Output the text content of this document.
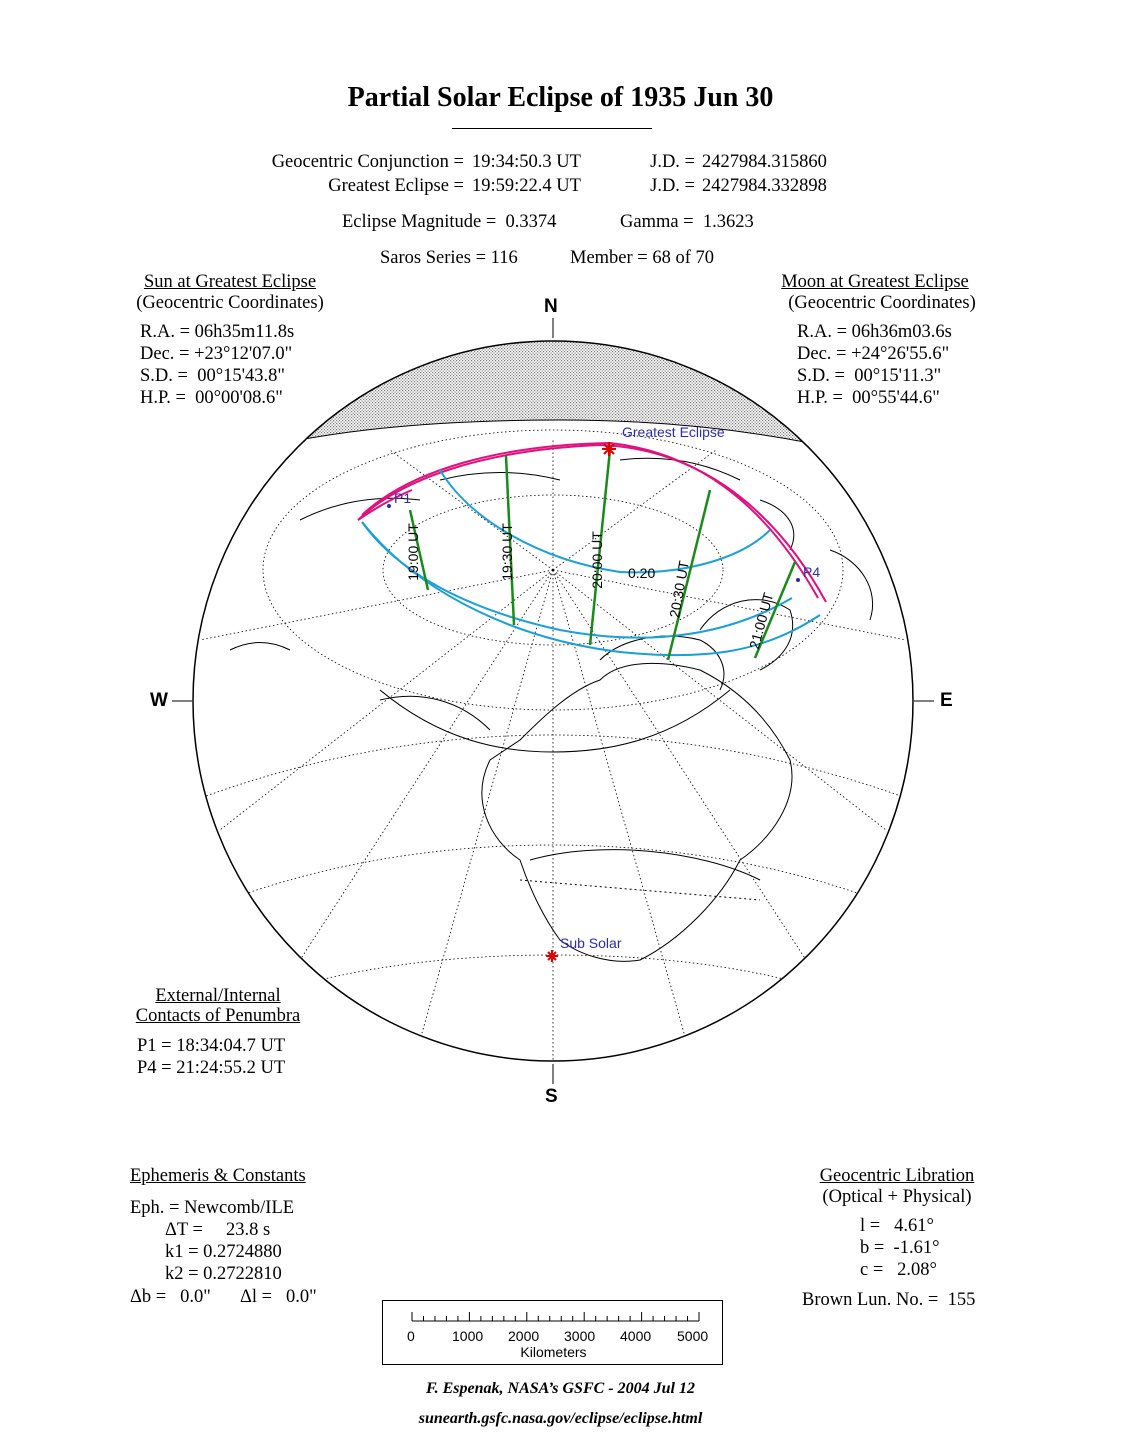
Partial Solar Eclipse of 1935 Jun 30
Geocentric Conjunction = 19:34:50.3 UT	J.D. = 2427984.315860
Greatest Eclipse = 19:59:22.4 UT	J.D. = 2427984.332898
Eclipse Magnitude =  0.3374	Gamma =  1.3623
Saros Series = 116	Member = 68 of 70
Sun at Greatest Eclipse
(Geocentric Coordinates)
R.A. = 06h35m11.8s
Dec. = +23°12'07.0"
S.D. =  00°15'43.8"
H.P. =  00°00'08.6"
Moon at Greatest Eclipse
(Geocentric Coordinates)
R.A. = 06h36m03.6s
Dec. = +24°26'55.6"
S.D. =  00°15'11.3"
H.P. =  00°55'44.6"
N
S
W	E
19:00 UT	19:30 UT	20:00 UT	20:30 UT
21:00 UT
0.20
Greatest Eclipse
P1
P4
Sub Solar
External/Internal
Contacts of Penumbra
P1 = 18:34:04.7 UT
P4 = 21:24:55.2 UT
Ephemeris & Constants
Eph. = Newcomb/ILE
ΔT =     23.8 s
k1 = 0.2724880
k2 = 0.2722810
Δb =   0.0" Δl =   0.0"
Geocentric Libration
(Optical + Physical)
l =   4.61°
b =  -1.61°
c =   2.08°
Brown Lun. No. =  155
0	1000 2000 3000 4000 5000
Kilometers
F. Espenak, NASA’s GSFC - 2004 Jul 12
sunearth.gsfc.nasa.gov/eclipse/eclipse.html
